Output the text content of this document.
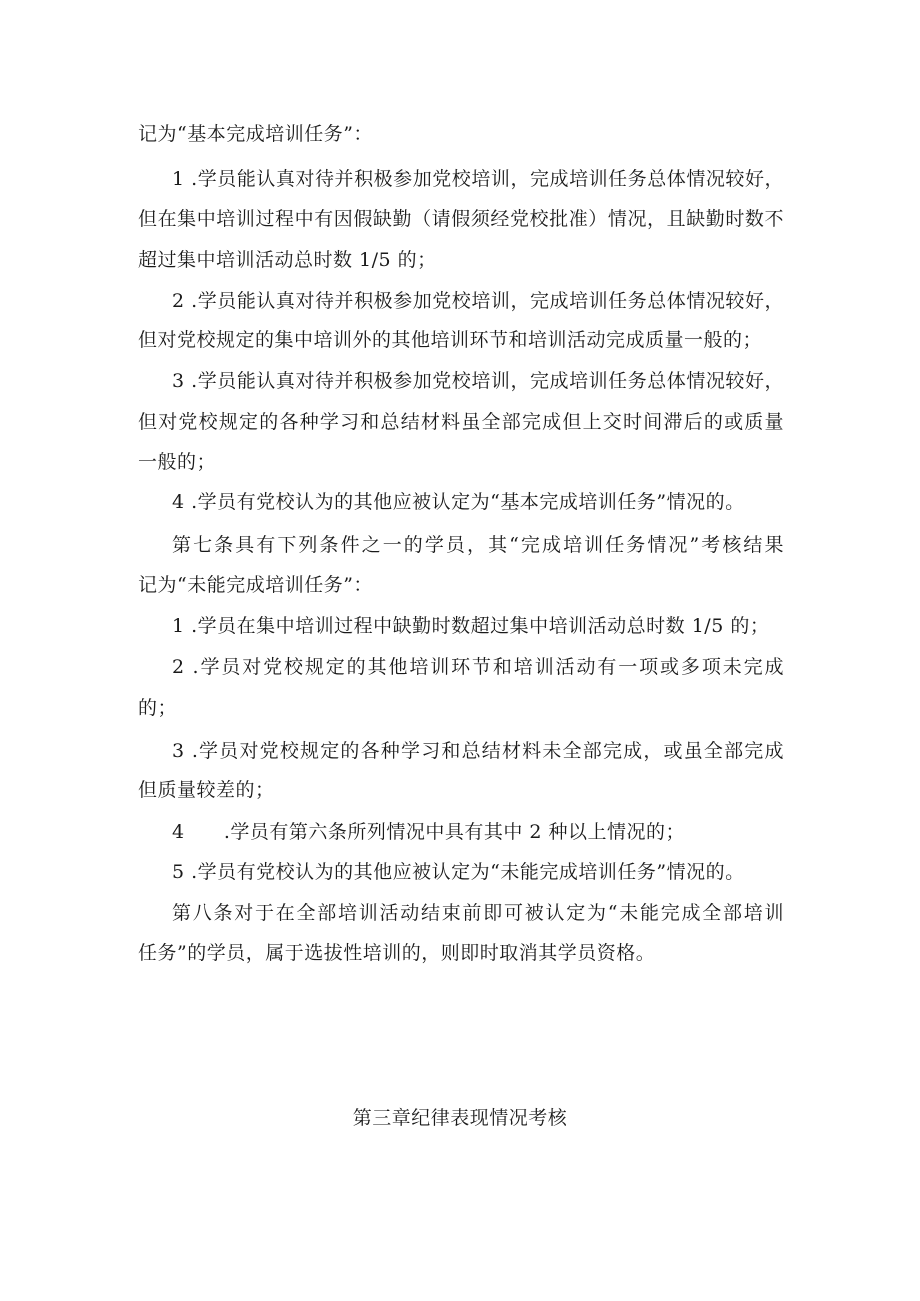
记为“基本完成培训任务”：
1 .学员能认真对待并积极参加党校培训，完成培训任务总体情况较好，
但在集中培训过程中有因假缺勤（请假须经党校批准）情况，且缺勤时数不
超过集中培训活动总时数 1/5 的；
2 .学员能认真对待并积极参加党校培训，完成培训任务总体情况较好，
但对党校规定的集中培训外的其他培训环节和培训活动完成质量一般的；
3 .学员能认真对待并积极参加党校培训，完成培训任务总体情况较好，
但对党校规定的各种学习和总结材料虽全部完成但上交时间滞后的或质量
一般的；
4 .学员有党校认为的其他应被认定为“基本完成培训任务”情况的。
第七条具有下列条件之一的学员，其“完成培训任务情况”考核结果
记为“未能完成培训任务”：
1 .学员在集中培训过程中缺勤时数超过集中培训活动总时数 1/5 的；
2 .学员对党校规定的其他培训环节和培训活动有一项或多项未完成
的；
3 .学员对党校规定的各种学习和总结材料未全部完成，或虽全部完成
但质量较差的；
4      .学员有第六条所列情况中具有其中 2 种以上情况的；
5 .学员有党校认为的其他应被认定为“未能完成培训任务”情况的。
第八条对于在全部培训活动结束前即可被认定为“未能完成全部培训
任务”的学员，属于选拔性培训的，则即时取消其学员资格。
第三章纪律表现情况考核
